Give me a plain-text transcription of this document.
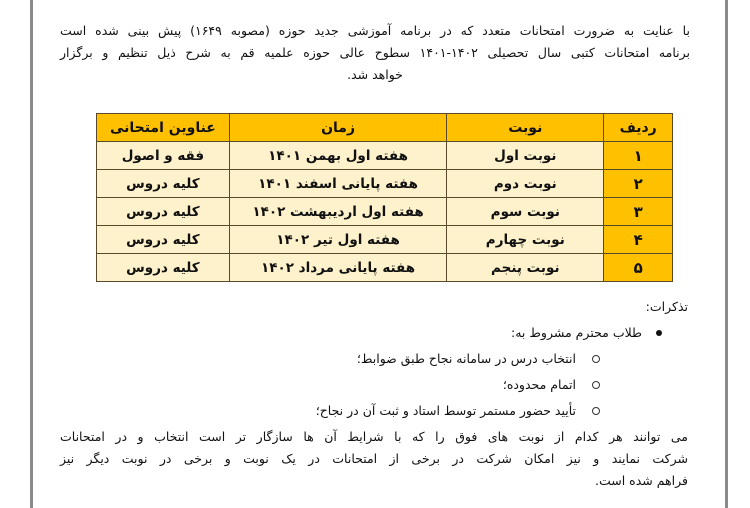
با عنایت به ضرورت امتحانات متعدد که در برنامه آموزشی جدید حوزه (مصوبه ۱۶۴۹) پیش بینی شده است

برنامه امتحانات کتبی سال تحصیلی ۱۴۰۲-۱۴۰۱ سطوح عالی حوزه علمیه قم به شرح ذیل تنظیم و برگزار

خواهد شد.

ردیف	نوبت	زمان	عناوین امتحانی
۱	نوبت اول	هفته اول بهمن ۱۴۰۱	فقه و اصول
۲	نوبت دوم	هفته پایانی اسفند ۱۴۰۱	کلیه دروس
۳	نوبت سوم	هفته اول اردیبهشت ۱۴۰۲	کلیه دروس
۴	نوبت چهارم	هفته اول تیر ۱۴۰۲	کلیه دروس
۵	نوبت پنجم	هفته پایانی مرداد ۱۴۰۲	کلیه دروس
تذکرات:
طلاب محترم مشروط به:
انتخاب درس در سامانه نجاح طبق ضوابط؛
اتمام محدوده؛
تأیید حضور مستمر توسط استاد و ثبت آن در نجاح؛

می توانند هر کدام از نوبت های فوق را که با شرایط آن ها سازگار تر است انتخاب و در امتحانات

شرکت نمایند و نیز امکان شرکت در برخی از امتحانات در یک نوبت و برخی در نوبت دیگر نیز

فراهم شده است.
